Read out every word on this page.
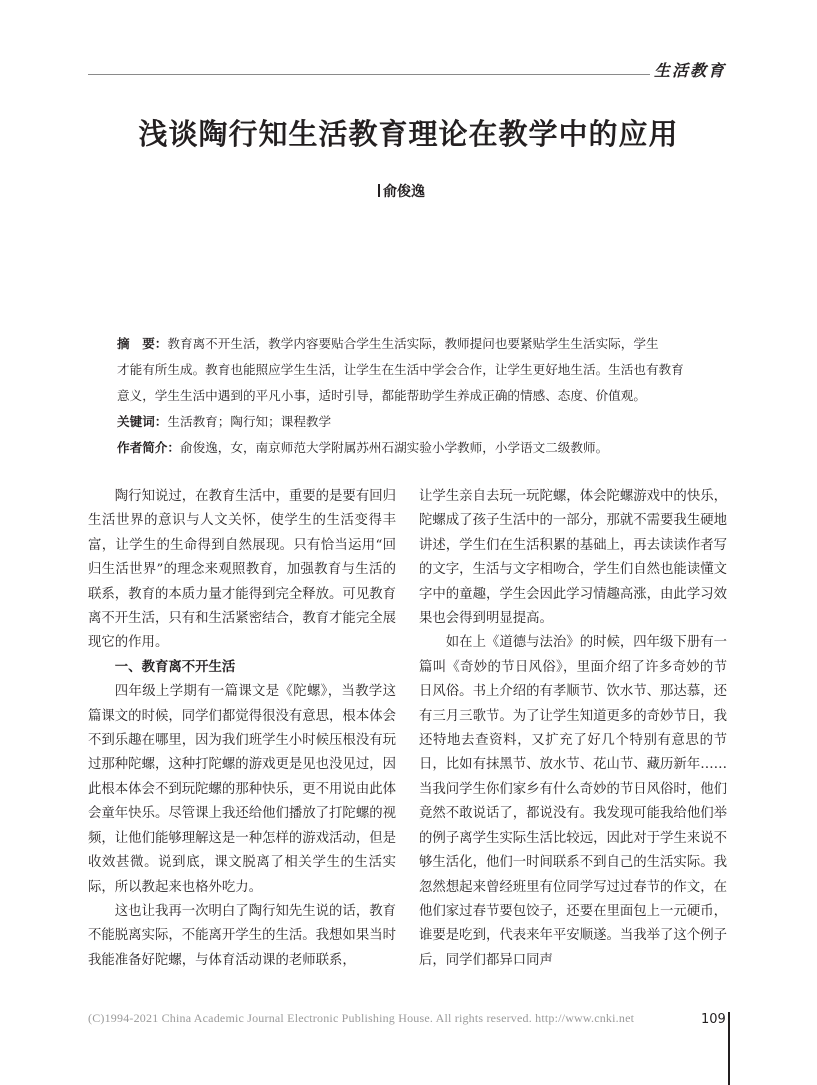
生活教育
浅谈陶行知生活教育理论在教学中的应用
俞俊逸

摘　要：教育离不开生活，教学内容要贴合学生生活实际，教师提问也要紧贴学生生活实际，学生

才能有所生成。教育也能照应学生生活，让学生在生活中学会合作，让学生更好地生活。生活也有教育

意义，学生生活中遇到的平凡小事，适时引导，都能帮助学生养成正确的情感、态度、价值观。

关键词：生活教育；陶行知；课程教学

作者简介：俞俊逸，女，南京师范大学附属苏州石湖实验小学教师，小学语文二级教师。

陶行知说过，在教育生活中，重要的是要有回归生活世界的意识与人文关怀，使学生的生活变得丰富，让学生的生命得到自然展现。只有恰当运用“回归生活世界”的理念来观照教育，加强教育与生活的联系，教育的本质力量才能得到完全释放。可见教育离不开生活，只有和生活紧密结合，教育才能完全展现它的作用。

一、教育离不开生活

四年级上学期有一篇课文是《陀螺》，当教学这篇课文的时候，同学们都觉得很没有意思，根本体会不到乐趣在哪里，因为我们班学生小时候压根没有玩过那种陀螺，这种打陀螺的游戏更是见也没见过，因此根本体会不到玩陀螺的那种快乐，更不用说由此体会童年快乐。尽管课上我还给他们播放了打陀螺的视频，让他们能够理解这是一种怎样的游戏活动，但是收效甚微。说到底，课文脱离了相关学生的生活实际，所以教起来也格外吃力。

这也让我再一次明白了陶行知先生说的话，教育不能脱离实际，不能离开学生的生活。我想如果当时我能准备好陀螺，与体育活动课的老师联系，

让学生亲自去玩一玩陀螺，体会陀螺游戏中的快乐，陀螺成了孩子生活中的一部分，那就不需要我生硬地讲述，学生们在生活积累的基础上，再去读读作者写的文字，生活与文字相吻合，学生们自然也能读懂文字中的童趣，学生会因此学习情趣高涨，由此学习效果也会得到明显提高。

如在上《道德与法治》的时候，四年级下册有一篇叫《奇妙的节日风俗》，里面介绍了许多奇妙的节日风俗。书上介绍的有孝顺节、饮水节、那达慕，还有三月三歌节。为了让学生知道更多的奇妙节日，我还特地去查资料，又扩充了好几个特别有意思的节日，比如有抹黑节、放水节、花山节、藏历新年……当我问学生你们家乡有什么奇妙的节日风俗时，他们竟然不敢说话了，都说没有。我发现可能我给他们举的例子离学生实际生活比较远，因此对于学生来说不够生活化，他们一时间联系不到自己的生活实际。我忽然想起来曾经班里有位同学写过过春节的作文，在他们家过春节要包饺子，还要在里面包上一元硬币，谁要是吃到，代表来年平安顺遂。当我举了这个例子后，同学们都异口同声

(C)1994-2021 China Academic Journal Electronic Publishing House. All rights reserved. http://www.cnki.net	109
